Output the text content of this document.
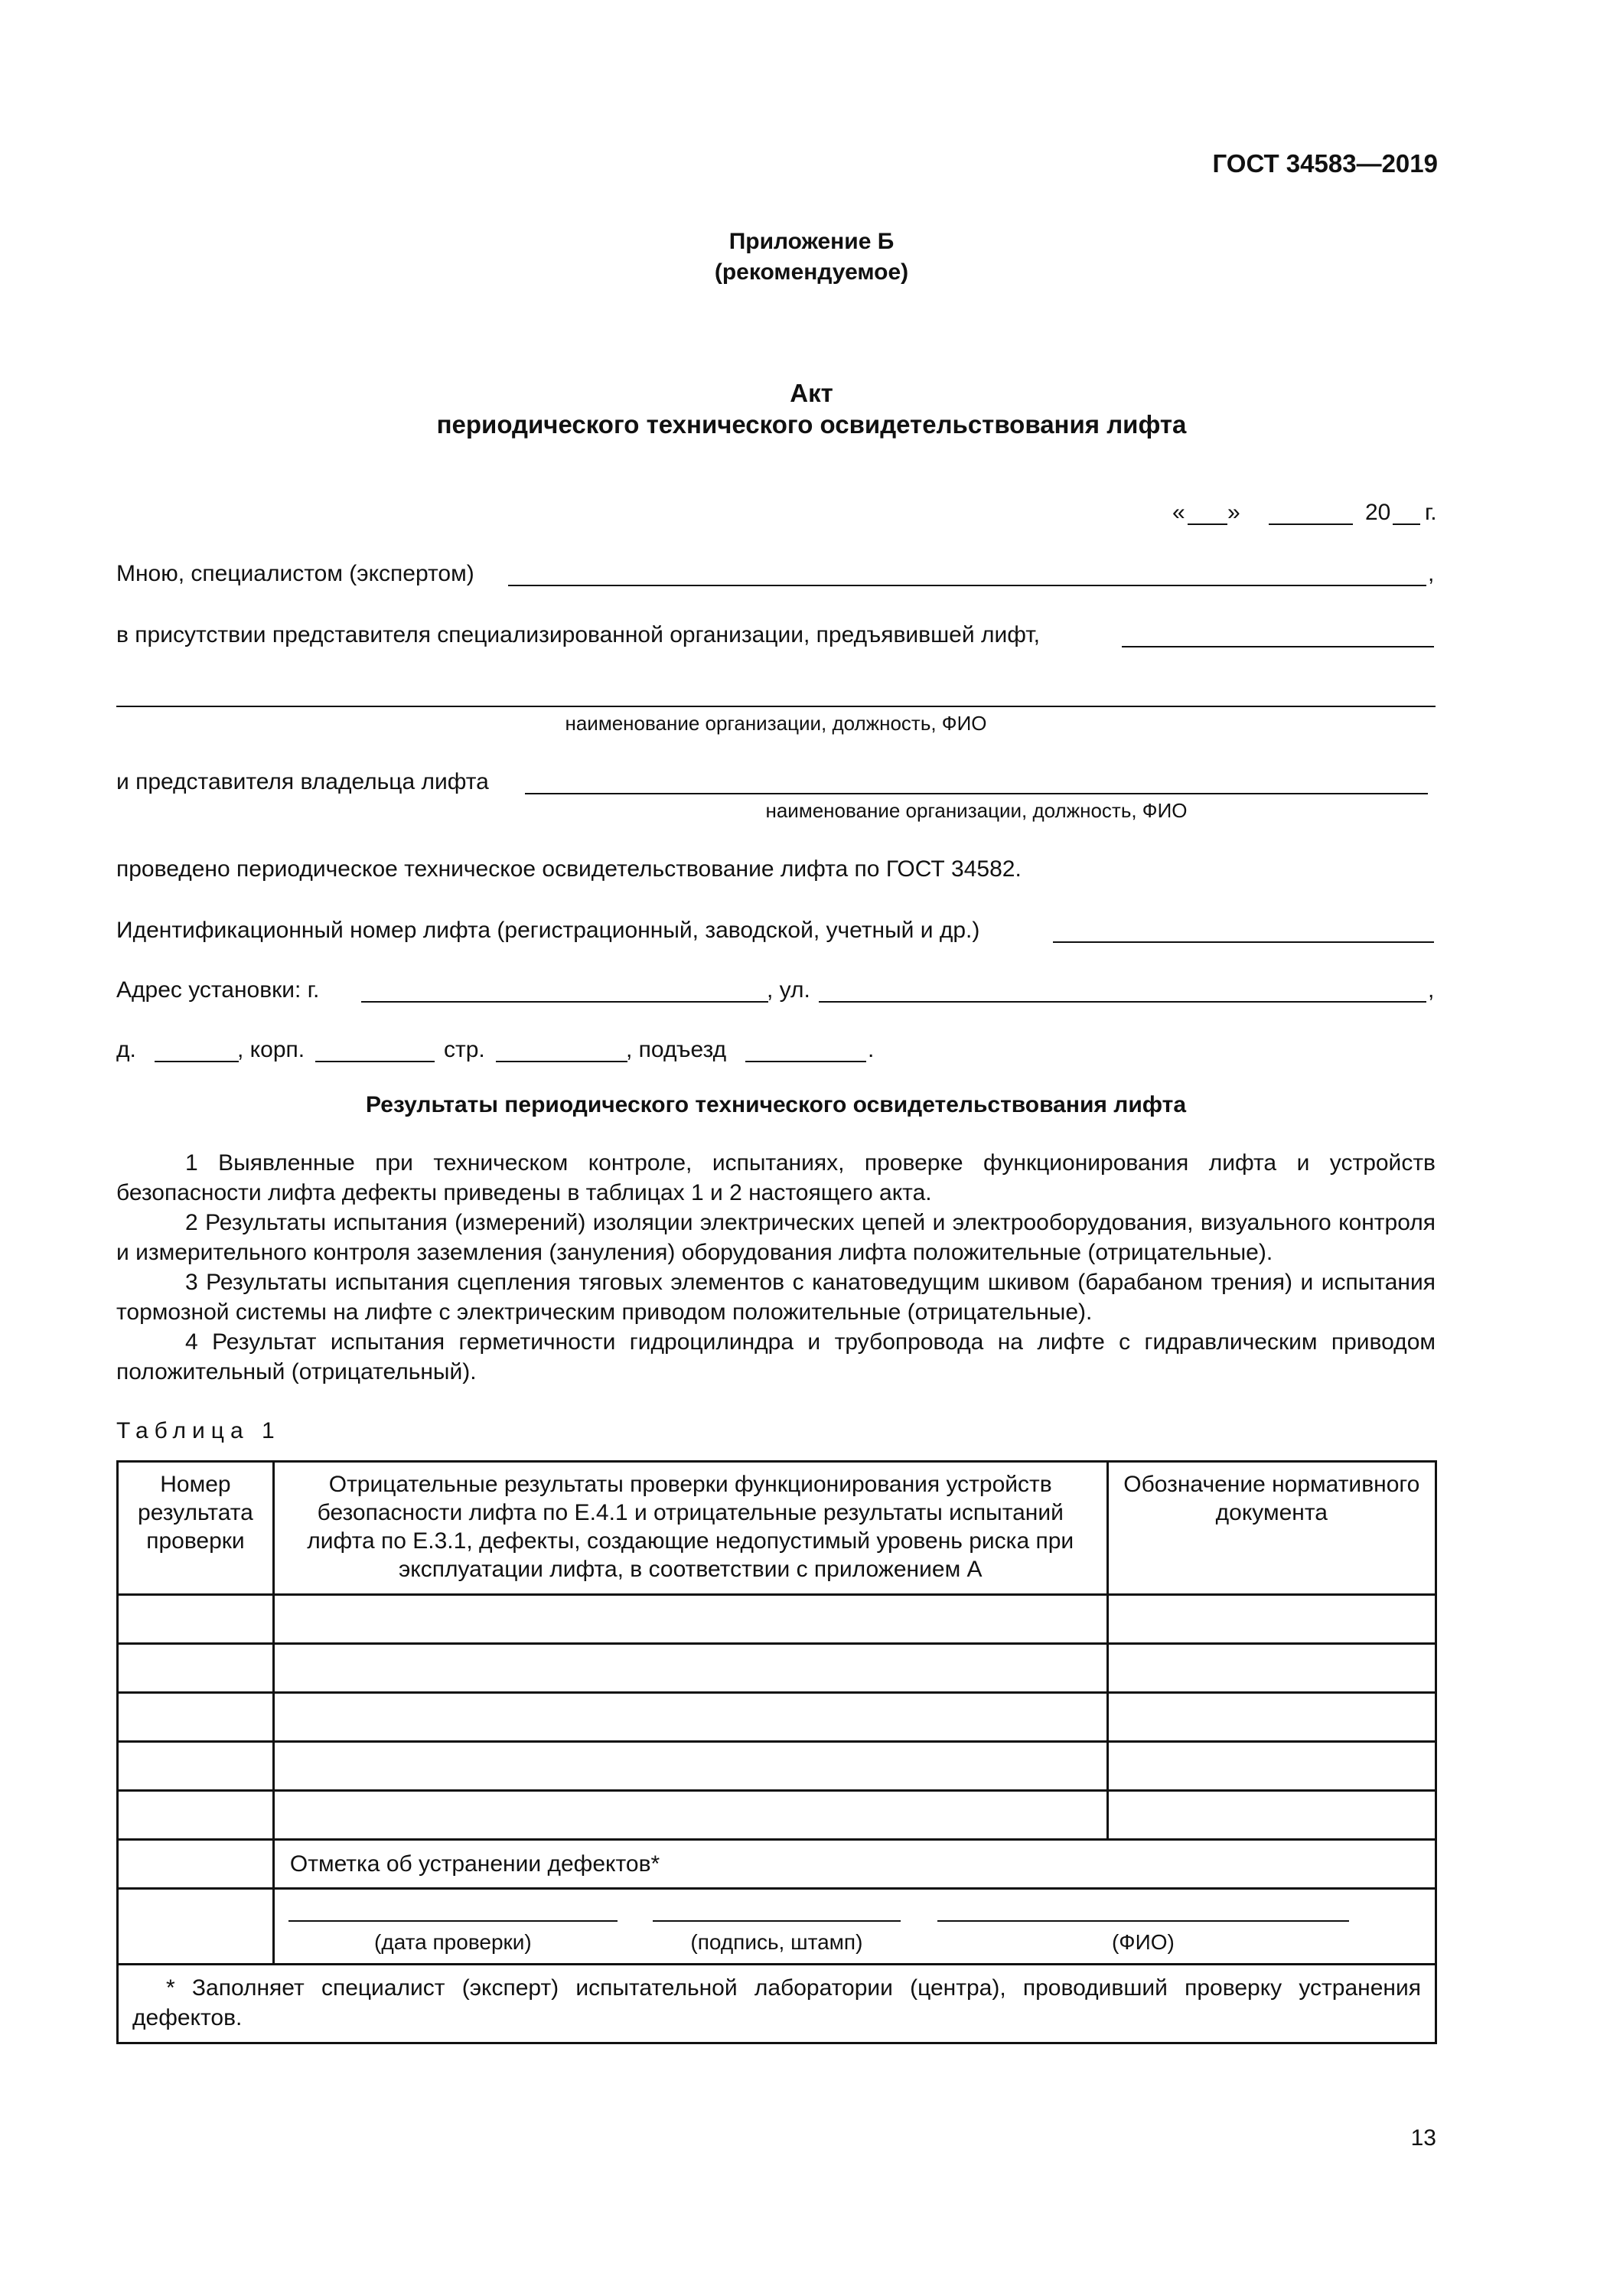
ГОСТ 34583—2019
Приложение Б
(рекомендуемое)
Акт
периодического технического освидетельствования лифта
« »	20 г.
Мною, специалистом (экспертом)	,
в присутствии представителя специализированной организации, предъявившей лифт,
наименование организации, должность, ФИО
и представителя владельца лифта
наименование организации, должность, ФИО
проведено периодическое техническое освидетельствование лифта по ГОСТ 34582.
Идентификационный номер лифта (регистрационный, заводской, учетный и др.)
Адрес установки: г.	, ул.	,
д.	, корп.	стр.	, подъезд	.
Результаты периодического технического освидетельствования лифта
1 Выявленные при техническом контроле, испытаниях, проверке функционирования лифта и устройств безопасности лифта дефекты приведены в таблицах 1 и 2 настоящего акта.
2 Результаты испытания (измерений) изоляции электрических цепей и электрооборудования, визуального контроля и измерительного контроля заземления (зануления) оборудования лифта положительные (отрицательные).
3 Результаты испытания сцепления тяговых элементов с канатоведущим шкивом (барабаном трения) и испытания тормозной системы на лифте с электрическим приводом положительные (отрицательные).
4 Результат испытания герметичности гидроцилиндра и трубопровода на лифте с гидравлическим приводом положительный (отрицательный).
Таблица 1
Номер результата проверки	Отрицательные результаты проверки функционирования устройств безопасности лифта по Е.4.1 и отрицательные результаты испытаний лифта по Е.3.1, дефекты, создающие недопустимый уровень риска при эксплуатации лифта, в соответствии с приложением А	Обозначение нормативного документа

	Отметка об устранении дефектов*	

	(дата проверки) (подпись, штамп) (ФИО)	

* Заполняет специалист (эксперт) испытательной лаборатории (центра), проводивший проверку устранения дефектов.		
13
